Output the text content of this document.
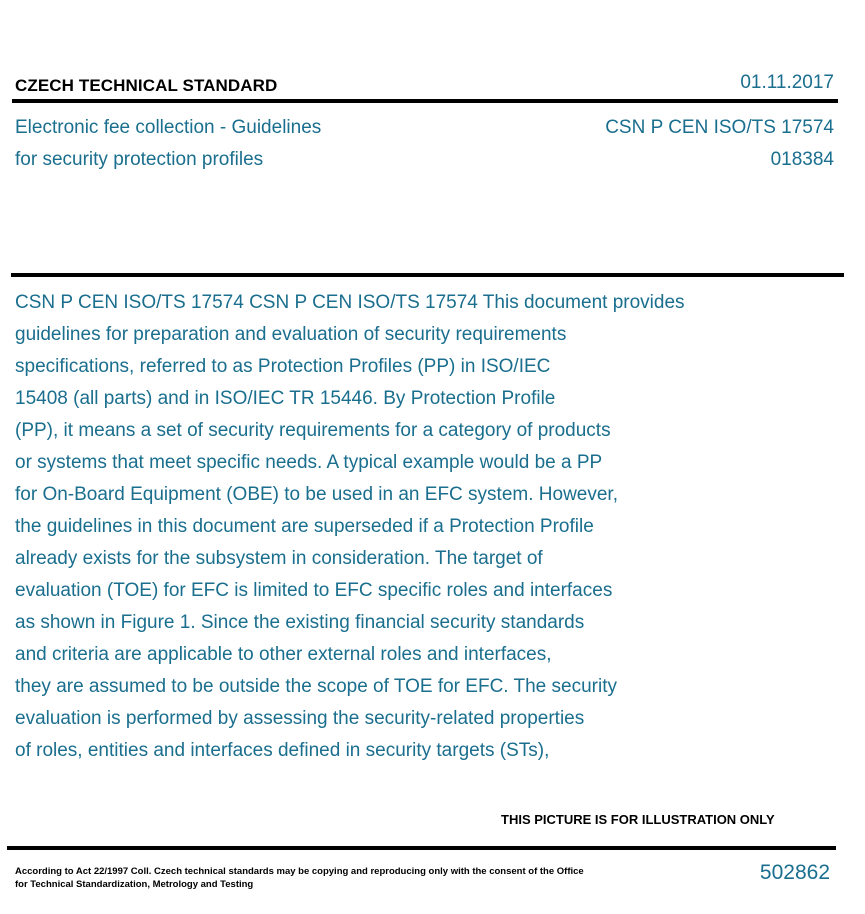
CZECH TECHNICAL STANDARD	01.11.2017
Electronic fee collection - Guidelines
for security protection profiles
CSN P CEN ISO/TS 17574
018384
CSN P CEN ISO/TS 17574 CSN P CEN ISO/TS 17574 This document provides
guidelines for preparation and evaluation of security requirements
specifications, referred to as Protection Profiles (PP) in ISO/IEC
15408 (all parts) and in ISO/IEC TR 15446. By Protection Profile
(PP), it means a set of security requirements for a category of products
or systems that meet specific needs. A typical example would be a PP
for On-Board Equipment (OBE) to be used in an EFC system. However,
the guidelines in this document are superseded if a Protection Profile
already exists for the subsystem in consideration. The target of
evaluation (TOE) for EFC is limited to EFC specific roles and interfaces
as shown in Figure 1. Since the existing financial security standards
and criteria are applicable to other external roles and interfaces,
they are assumed to be outside the scope of TOE for EFC. The security
evaluation is performed by assessing the security-related properties
of roles, entities and interfaces defined in security targets (STs),
THIS PICTURE IS FOR ILLUSTRATION ONLY
According to Act 22/1997 Coll. Czech technical standards may be copying and reproducing only with the consent of the Office
for Technical Standardization, Metrology and Testing
502862
